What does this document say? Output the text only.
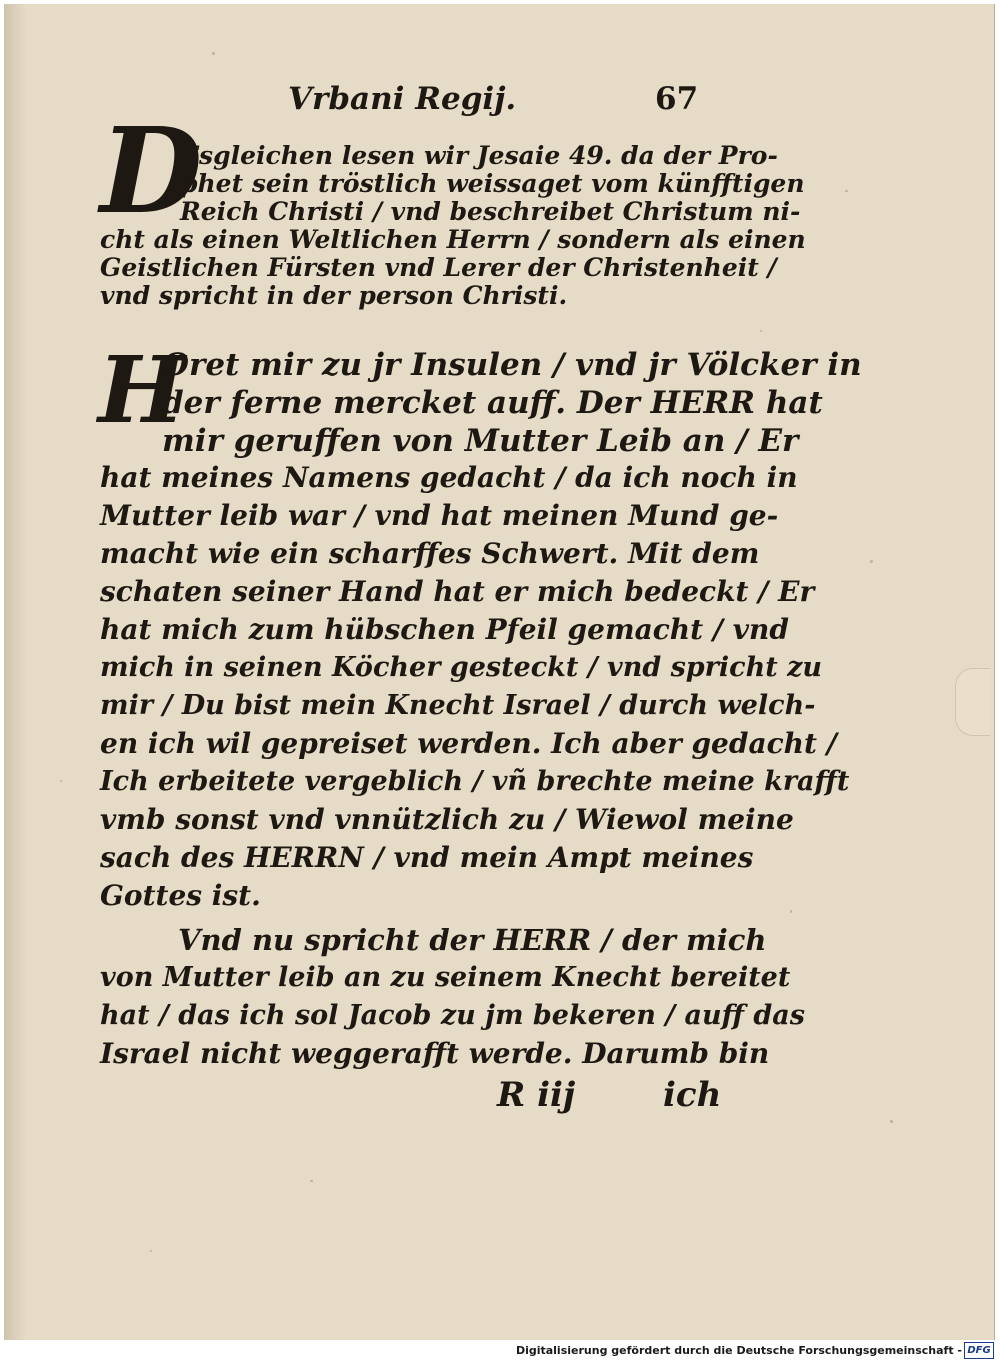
Vrbani Regij.	67
D
Esgleichen lesen wir Jesaie 49. da der Pro-
phet sein tröstlich weissaget vom künfftigen
Reich Christi / vnd beschreibet Christum ni-
cht als einen Weltlichen Herrn / sondern als einen
Geistlichen Fürsten vnd Lerer der Christenheit /
vnd spricht in der person Christi.
H
Oret mir zu jr Insulen / vnd jr Völcker in
der ferne mercket auff. Der HERR hat
mir geruffen von Mutter Leib an / Er
hat meines Namens gedacht / da ich noch in
Mutter leib war / vnd hat meinen Mund ge-
macht wie ein scharffes Schwert. Mit dem
schaten seiner Hand hat er mich bedeckt / Er
hat mich zum hübschen Pfeil gemacht / vnd
mich in seinen Köcher gesteckt / vnd spricht zu
mir / Du bist mein Knecht Israel / durch welch-
en ich wil gepreiset werden. Ich aber gedacht /
Ich erbeitete vergeblich / vñ brechte meine krafft
vmb sonst vnd vnnützlich zu / Wiewol meine
sach des HERRN / vnd mein Ampt meines
Gottes ist.
Vnd nu spricht der HERR / der mich
von Mutter leib an zu seinem Knecht bereitet
hat / das ich sol Jacob zu jm bekeren / auff das
Israel nicht weggerafft werde. Darumb bin
R iij	ich
Digitalisierung gefördert durch die Deutsche Forschungsgemeinschaft - DFG
